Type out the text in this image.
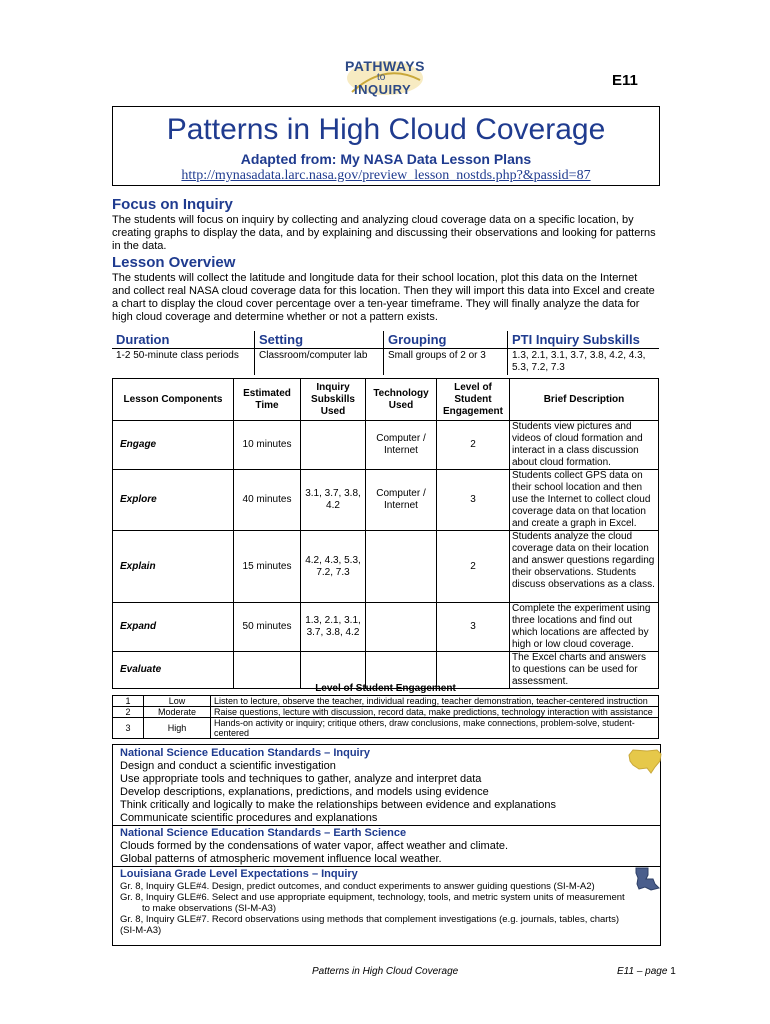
PATHWAYS
to
INQUIRY
E11
Patterns in High Cloud Coverage
Adapted from: My NASA Data Lesson Plans
http://mynasadata.larc.nasa.gov/preview_lesson_nostds.php?&passid=87
Focus on Inquiry
The students will focus on inquiry by collecting and analyzing cloud coverage data on a specific location, by creating graphs to display the data, and by explaining and discussing their observations and looking for patterns in the data.
Lesson Overview
The students will collect the latitude and longitude data for their school location, plot this data on the Internet and collect real NASA cloud coverage data for this location. Then they will import this data into Excel and create a chart to display the cloud cover percentage over a ten-year timeframe. They will finally analyze the data for high cloud coverage and determine whether or not a pattern exists.
Duration	Setting	Grouping	PTI Inquiry Subskills
1-2 50-minute class periods	Classroom/computer lab	Small groups of 2 or 3	1.3, 2.1, 3.1, 3.7, 3.8, 4.2, 4.3, 5.3, 7.2, 7.3
Lesson Components	Estimated Time	Inquiry Subskills Used	Technology Used	Level of Student Engagement	Brief Description
Engage	10 minutes		Computer / Internet	2	Students view pictures and videos of cloud formation and interact in a class discussion about cloud formation.
Explore	40 minutes	3.1, 3.7, 3.8, 4.2	Computer / Internet	3	Students collect GPS data on their school location and then use the Internet to collect cloud coverage data on that location and create a graph in Excel.
Explain	15 minutes	4.2, 4.3, 5.3, 7.2, 7.3		2	Students analyze the cloud coverage data on their location and answer questions regarding their observations. Students discuss observations as a class.
Expand	50 minutes	1.3, 2.1, 3.1, 3.7, 3.8, 4.2		3	Complete the experiment using three locations and find out which locations are affected by high or low cloud coverage.
Evaluate					The Excel charts and answers to questions can be used for assessment.
Level of Student Engagement
1	Low	Listen to lecture, observe the teacher, individual reading, teacher demonstration, teacher-centered instruction
2	Moderate	Raise questions, lecture with discussion, record data, make predictions, technology interaction with assistance
3	High	Hands-on activity or inquiry; critique others, draw conclusions, make connections, problem-solve, student-centered
National Science Education Standards – Inquiry
Design and conduct a scientific investigation
Use appropriate tools and techniques to gather, analyze and interpret data
Develop descriptions, explanations, predictions, and models using evidence
Think critically and logically to make the relationships between evidence and explanations
Communicate scientific procedures and explanations
National Science Education Standards – Earth Science
Clouds formed by the condensations of water vapor, affect weather and climate.
Global patterns of atmospheric movement influence local weather.
Louisiana Grade Level Expectations – Inquiry
Gr. 8, Inquiry GLE#4. Design, predict outcomes, and conduct experiments to answer guiding questions (SI-M-A2)
Gr. 8, Inquiry GLE#6. Select and use appropriate equipment, technology, tools, and metric system units of measurement
to make observations (SI-M-A3)
Gr. 8, Inquiry GLE#7. Record observations using methods that complement investigations (e.g. journals, tables, charts)
(SI-M-A3)
Patterns in High Cloud Coverage	E11 – page 1
